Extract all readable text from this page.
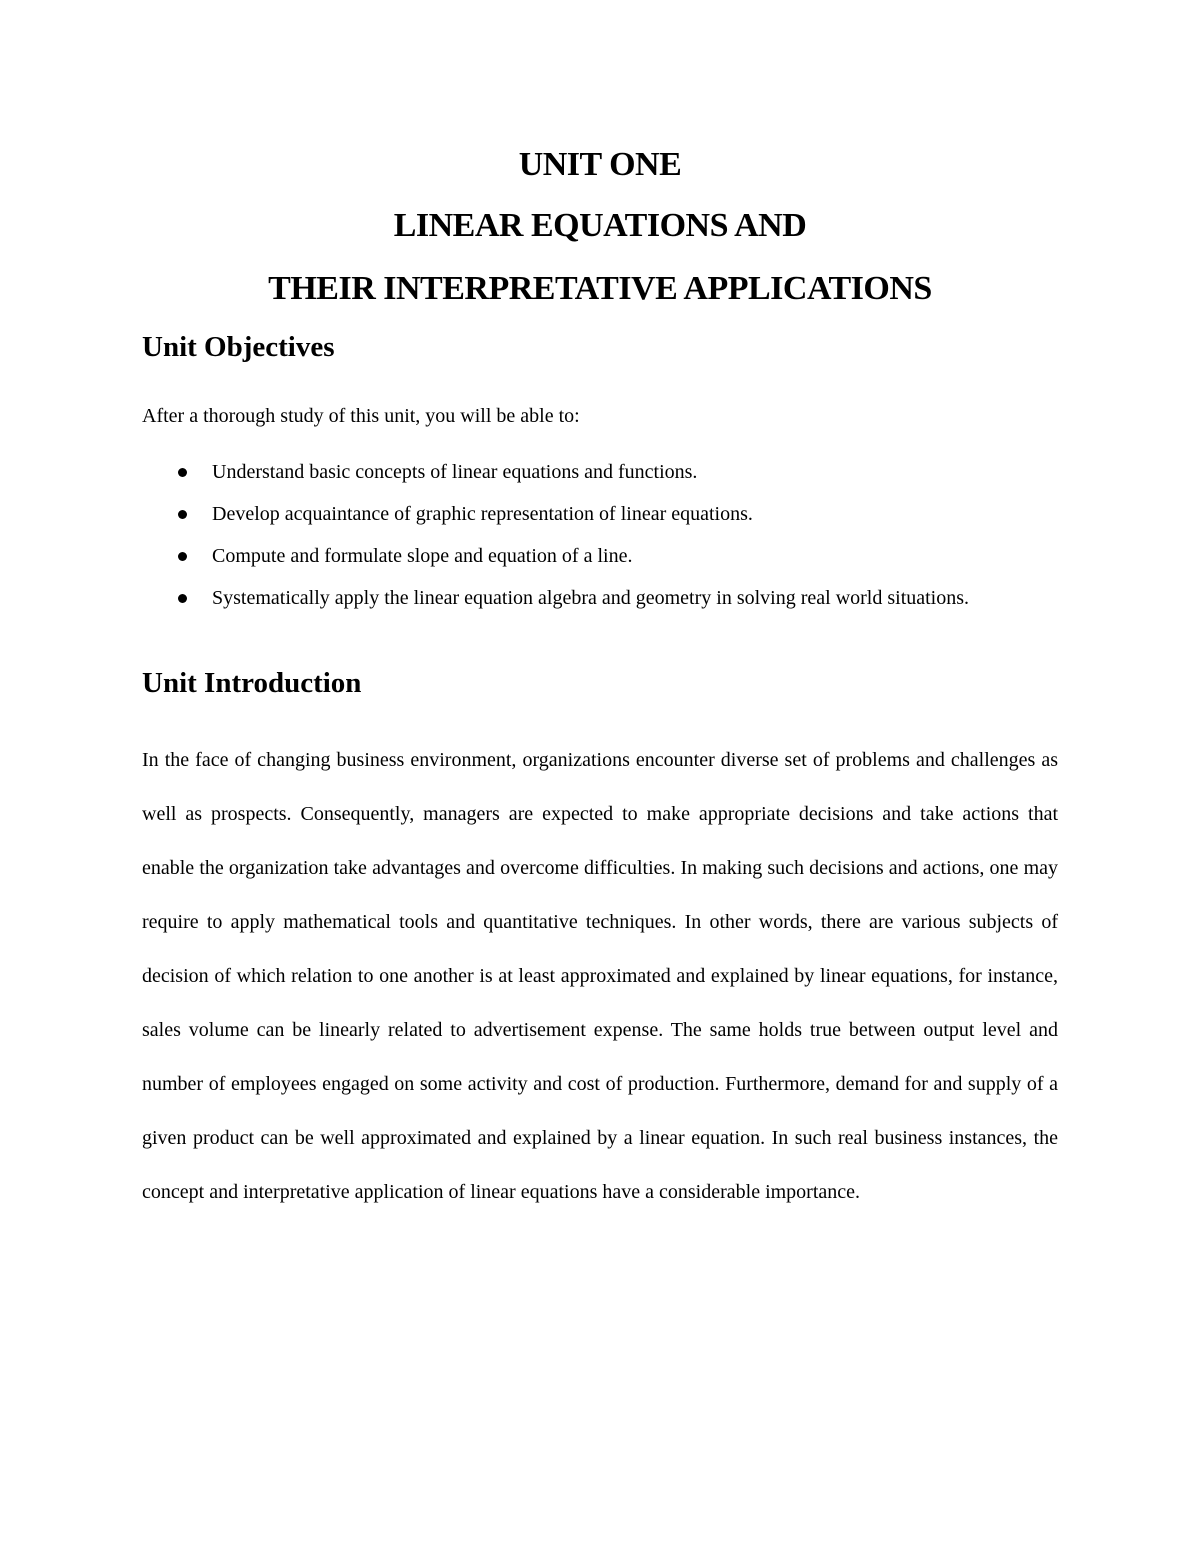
UNIT ONE
LINEAR EQUATIONS AND
THEIR INTERPRETATIVE APPLICATIONS
Unit Objectives
After a thorough study of this unit, you will be able to:
Understand basic concepts of linear equations and functions.
Develop acquaintance of graphic representation of linear equations.
Compute and formulate slope and equation of a line.
Systematically apply the linear equation algebra and geometry in solving real world situations.
Unit Introduction

In the face of changing business environment, organizations encounter diverse set of problems and challenges as well as prospects. Consequently, managers are expected to make appropriate decisions and take actions that enable the organization take advantages and overcome difficulties. In making such decisions and actions, one may require to apply mathematical tools and quantitative techniques. In other words, there are various subjects of decision of which relation to one another is at least approximated and explained by linear equations, for instance, sales volume can be linearly related to advertisement expense. The same holds true between output level and number of employees engaged on some activity and cost of production. Furthermore, demand for and supply of a given product can be well approximated and explained by a linear equation. In such real business instances, the concept and interpretative application of linear equations have a considerable importance.
